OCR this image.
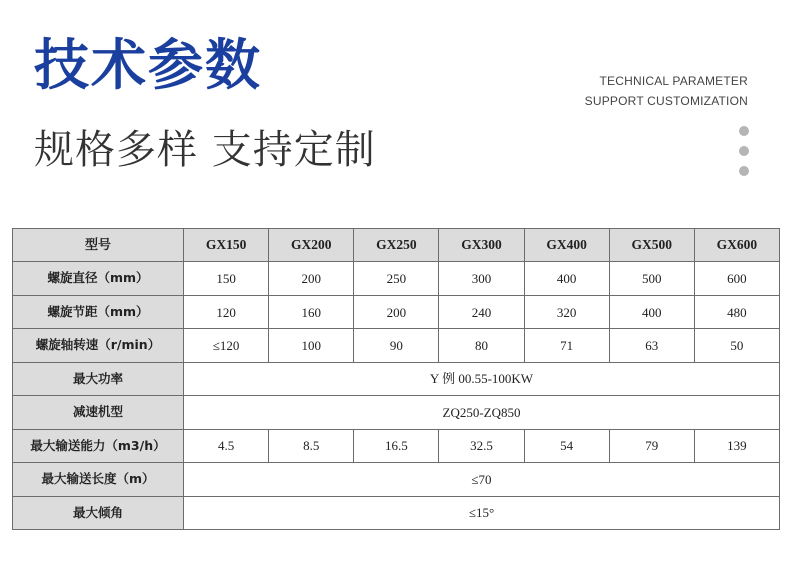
技术参数
规格多样 支持定制
TECHNICAL PARAMETER
SUPPORT CUSTOMIZATION
型号	GX150	GX200	GX250	GX300	GX400	GX500	GX600
螺旋直径（mm）	150	200	250	300	400	500	600
螺旋节距（mm）	120	160	200	240	320	400	480
螺旋轴转速（r/min）	≤120	100	90	80	71	63	50
最大功率	Y 例 00.55-100KW						
减速机型	ZQ250-ZQ850						
最大输送能力（m3/h）	4.5	8.5	16.5	32.5	54	79	139
最大输送长度（m）	≤70						
最大倾角	≤15°						
